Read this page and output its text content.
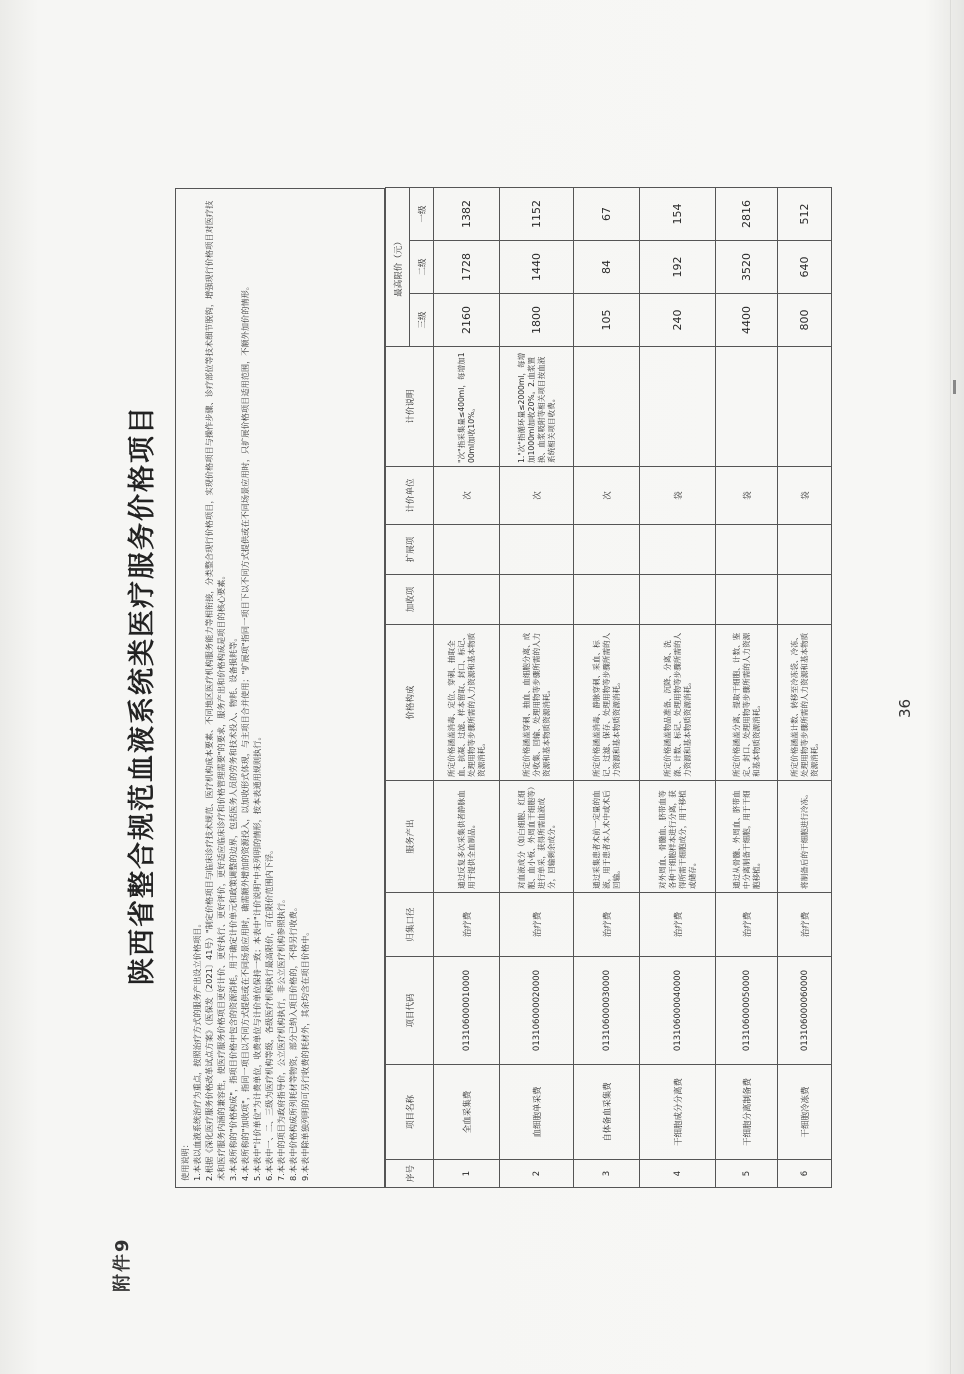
附件9
36
陕西省整合规范血液系统类医疗服务价格项目

使用说明： 1.本表以血液系统治疗为重点，按照治疗方式的服务产出设立价格项目。 2.根据《深化医疗服务价格改革试点方案》（医保发〔2021〕41号）"制定价格项目与临床诊疗技术规范、医疗机构成本要素、不同地区医疗机构服务能力等相衔接，分类整合现行价格项目，实现价格项目与操作步骤、诊疗部位等技术细节脱钩，增强现行价格项目对医疗技术和医疗服务内涵的兼容性，使医疗服务价格项目更好计价、更好执行、更好评价，更好适应临床诊疗和价格管理需要"的要求，服务产出和价格构成是项目的核心要素。 3.本表所称的"价格构成"，指项目价格中包含的资源消耗，用于确定计价单元和政策调整的边界，包括医务人员的劳务和技术投入、物耗、设备损耗等。 4.本表所称的"加收项"，指同一项目以不同方式提供或在不同场景应用时，确需额外增加的资源投入，以加收形式体现，与主项目合并使用；"扩展项"指同一项目下以不同方式提供或在不同场景应用时，只扩展价格项目适用范围，不额外加价的情形。 5.本表中"计价单位"为计费单位，收费单位与计价单位保持一致；本表中"计价说明"中未列明的情形，按本表通用规则执行。 6.本表中一、二、三级为医疗机构等级，各级医疗机构执行最高限价，可在限价范围内下浮。 7.本表中的项目为政府指导价，公立医疗机构执行，非公立医疗机构参照执行。 8.本表中价格构成所列耗材等物资，部分已纳入项目价格的，不得另行收费。 9.本表中除单独列明的可另行收费的耗材外，其余均含在项目价格中。	序号	项目名称	项目代码	归集口径	服务产出	价格构成	加收项	扩展项	计价单位	计价说明	最高限价（元）		
										三级	二级	一级
1	全血采集费	013106000010000	治疗费	通过反复多次采集供者静脉血用于提供全血制品。	所定价格涵盖消毒、定位、穿刺、抽取全血、抗凝、过滤、样本留取、封口、标记、处理用物等步骤所需的人力资源和基本物质资源消耗。			次	"次"指采集量≤400ml，每增加100ml加收10%。	2160	1728	1382
2	血细胞单采费	013106000020000	治疗费	对血液成分（如白细胞、红细胞、血小板、外周血干细胞等）进行单采，获得所需血液成分，回输剩余成分。	所定价格涵盖穿刺、抽血、血细胞分离、成分收集、回输、处理用物等步骤所需的人力资源和基本物质资源消耗。			次	1."次"指循环量≤2000ml，每增加1000ml加收20%。2.血浆置换、血浆吸附等相关项目按血液系统相关项目收费。	1800	1440	1152
3	自体备血采集费	013106000030000	治疗费	通过采集患者术前一定量的血液，用于患者本人术中或术后回输。	所定价格涵盖消毒、静脉穿刺、采血、标记、过滤、保存、处理用物等步骤所需的人力资源和基本物质资源消耗。			次		105	84	67
4	干细胞成分分离费	013106000040000	治疗费	对外周血、骨髓血、脐带血等各种干细胞样本进行分离，获得所需干细胞成分，用于移植或储存。	所定价格涵盖物品准备、沉降、分离、洗涤、计数、标记、处理用物等步骤所需的人力资源和基本物质资源消耗。			袋		240	192	154
5	干细胞分离制备费	013106000050000	治疗费	通过从骨髓、外周血、脐带血中分离制备干细胞，用于干细胞移植。	所定价格涵盖分离、提取干细胞、计数、鉴定、封口、处理用物等步骤所需的人力资源和基本物质资源消耗。			袋		4400	3520	2816
6	干细胞冷冻费	013106000060000	治疗费	将制备后的干细胞进行冷冻。	所定价格涵盖计数、转移至冷冻袋、冷冻、处理用物等步骤所需的人力资源和基本物质资源消耗。			袋		800	640	512
